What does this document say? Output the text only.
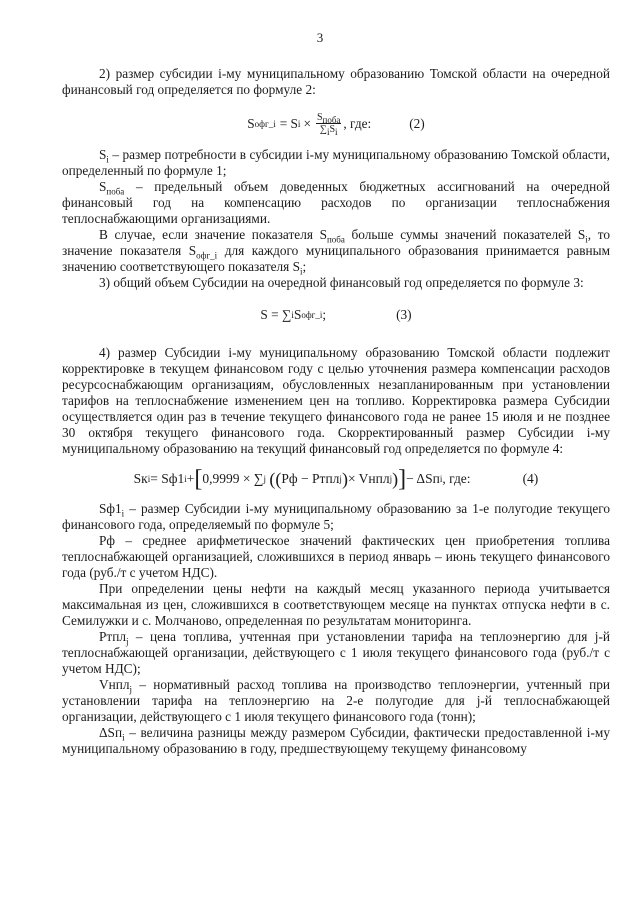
3

2) размер субсидии i-му муниципальному образованию Томской области на очередной финансовый год определяется по формуле 2:

S офг_i = S $i \times \frac{S_{поба}}{\sum_iS_i}$ , где:	(2)

$S_i$ – размер потребности в субсидии i-му муниципальному образованию Томской области, определенный по формуле 1;

$S_{поба}$ – предельный объем доведенных бюджетных ассигнований на очередной финансовый год на компенсацию расходов по организации теплоснабжения теплоснабжающими организациями.

В случае, если значение показателя $S_{поба}$ больше суммы значений показателей $S_i$, то значение показателя $S_{офг\_i}$ для каждого муниципального образования принимается равным значению соответствующего показателя $S_i$;

3) общий объем Субсидии на очередной финансовый год определяется по формуле 3:

S = ∑ i S офг_i ;	(3)

4) размер Субсидии i-му муниципальному образованию Томской области подлежит корректировке в текущем финансовом году с целью уточнения размера компенсации расходов ресурсоснабжающим организациям, обусловленных незапланированным при установлении тарифов на теплоснабжение изменением цен на топливо. Корректировка размера Субсидии осуществляется один раз в течение текущего финансового года не ранее 15 июля и не позднее 30 октября текущего финансового года. Скорректированный размер Субсидии i-му муниципальному образованию на текущий финансовый год определяется по формуле 4:

Sк i = Sф1 i + [ 0,9999 × ∑ j
(( Рф − Ртпл j ) × Vнпл j ) ] − ΔSп i , где:	(4)

$Sф1_i$ – размер Субсидии i-му муниципальному образованию за 1-е полугодие текущего финансового года, определяемый по формуле 5;

Рф – среднее арифметическое значений фактических цен приобретения топлива теплоснабжающей организацией, сложившихся в период январь – июнь текущего финансового года (руб./т с учетом НДС).

При определении цены нефти на каждый месяц указанного периода учитывается максимальная из цен, сложившихся в соответствующем месяце на пунктах отпуска нефти в с. Семилужки и с. Молчаново, определенная по результатам мониторинга.

Ртпл$_j$ – цена топлива, учтенная при установлении тарифа на теплоэнергию для j-й теплоснабжающей организации, действующего с 1 июля текущего финансового года (руб./т с учетом НДС);

Vнпл$_j$ – нормативный расход топлива на производство теплоэнергии, учтенный при установлении тарифа на теплоэнергию на 2-е полугодие для j-й теплоснабжающей организации, действующего с 1 июля текущего финансового года (тонн);

ΔSп$_i$ – величина разницы между размером Субсидии, фактически предоставленной i-му муниципальному образованию в году, предшествующему текущему финансовому
